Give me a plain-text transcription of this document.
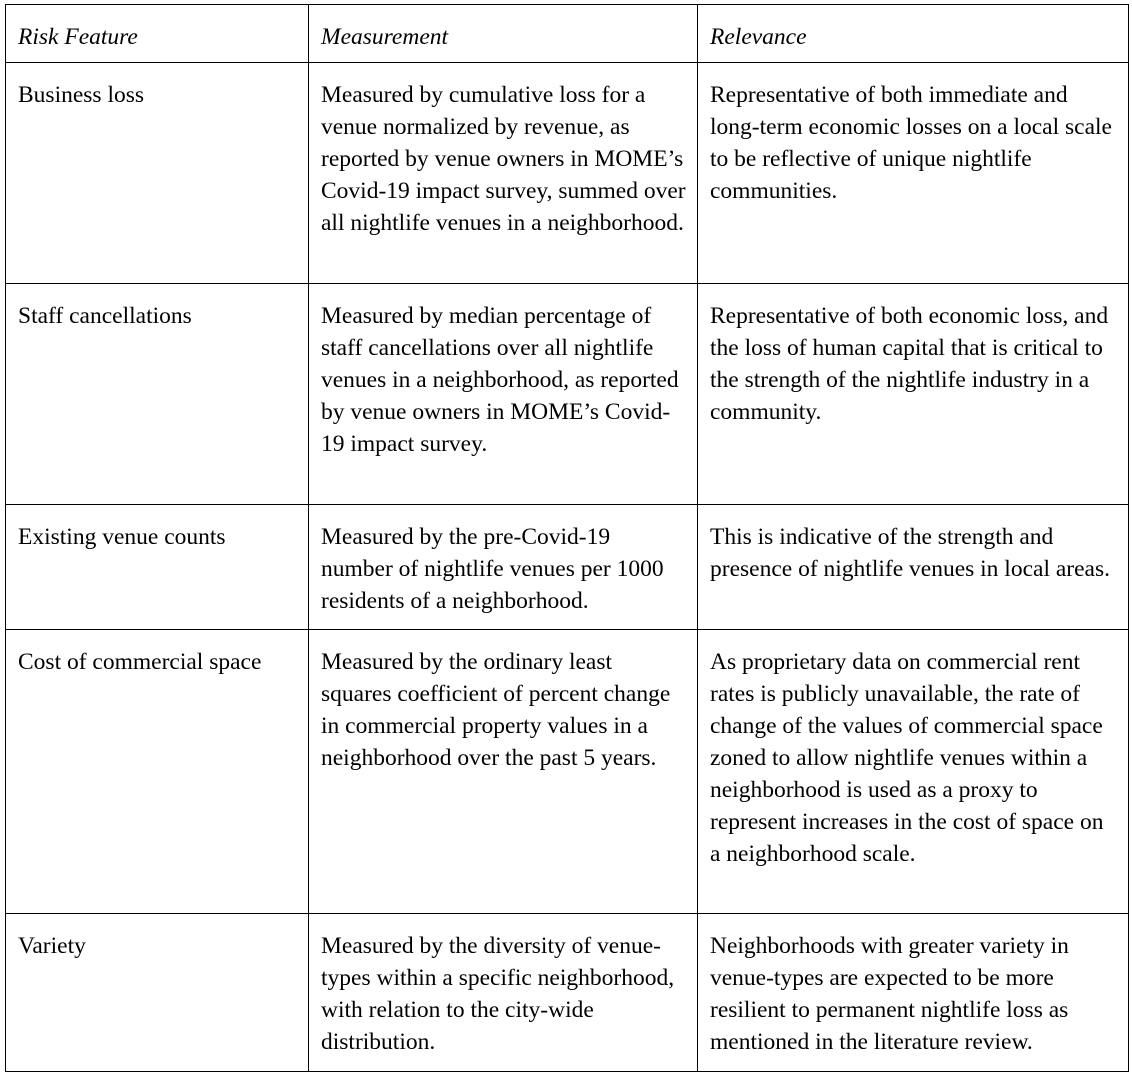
Risk Feature	Measurement	Relevance
Business loss	Measured by cumulative loss for a venue normalized by revenue, as reported by venue owners in MOME’s Covid-19 impact survey, summed over all nightlife venues in a neighborhood.	Representative of both immediate and long-term economic losses on a local scale to be reflective of unique nightlife communities.
Staff cancellations	Measured by median percentage of staff cancellations over all nightlife venues in a neighborhood, as reported by venue owners in MOME’s Covid-19 impact survey.	Representative of both economic loss, and the loss of human capital that is critical to the strength of the nightlife industry in a community.
Existing venue counts	Measured by the pre-Covid-19 number of nightlife venues per 1000 residents of a neighborhood.	This is indicative of the strength and presence of nightlife venues in local areas.
Cost of commercial space	Measured by the ordinary least squares coefficient of percent change in commercial property values in a neighborhood over the past 5 years.	As proprietary data on commercial rent rates is publicly unavailable, the rate of change of the values of commercial space zoned to allow nightlife venues within a neighborhood is used as a proxy to represent increases in the cost of space on a neighborhood scale.
Variety	Measured by the diversity of venue-types within a specific neighborhood, with relation to the city-wide distribution.	Neighborhoods with greater variety in venue-types are expected to be more resilient to permanent nightlife loss as mentioned in the literature review.
